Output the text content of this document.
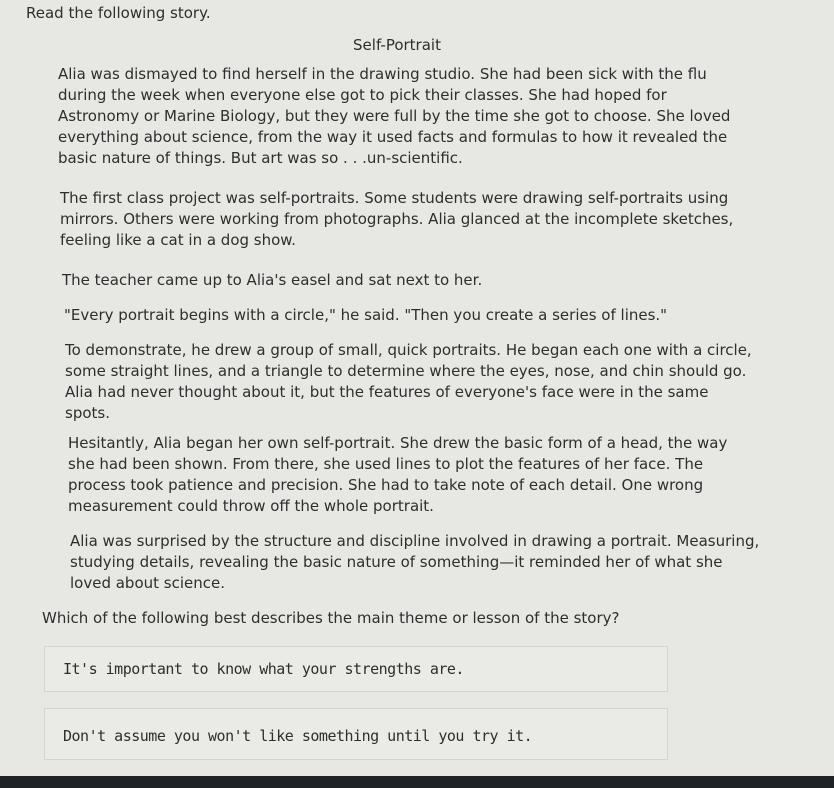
Read the following story.
Self-Portrait

Alia was dismayed to find herself in the drawing studio. She had been sick with the flu during the week when everyone else got to pick their classes. She had hoped for Astronomy or Marine Biology, but they were full by the time she got to choose. She loved everything about science, from the way it used facts and formulas to how it revealed the basic nature of things. But art was so . . .un-scientific.

The first class project was self-portraits. Some students were drawing self-portraits using mirrors. Others were working from photographs. Alia glanced at the incomplete sketches, feeling like a cat in a dog show.

The teacher came up to Alia's easel and sat next to her.

"Every portrait begins with a circle," he said. "Then you create a series of lines."

To demonstrate, he drew a group of small, quick portraits. He began each one with a circle, some straight lines, and a triangle to determine where the eyes, nose, and chin should go. Alia had never thought about it, but the features of everyone's face were in the same spots.

Hesitantly, Alia began her own self-portrait. She drew the basic form of a head, the way she had been shown. From there, she used lines to plot the features of her face. The process took patience and precision. She had to take note of each detail. One wrong measurement could throw off the whole portrait.

Alia was surprised by the structure and discipline involved in drawing a portrait. Measuring, studying details, revealing the basic nature of something—it reminded her of what she loved about science.

Which of the following best describes the main theme or lesson of the story?
It's important to know what your strengths are.
Don't assume you won't like something until you try it.
